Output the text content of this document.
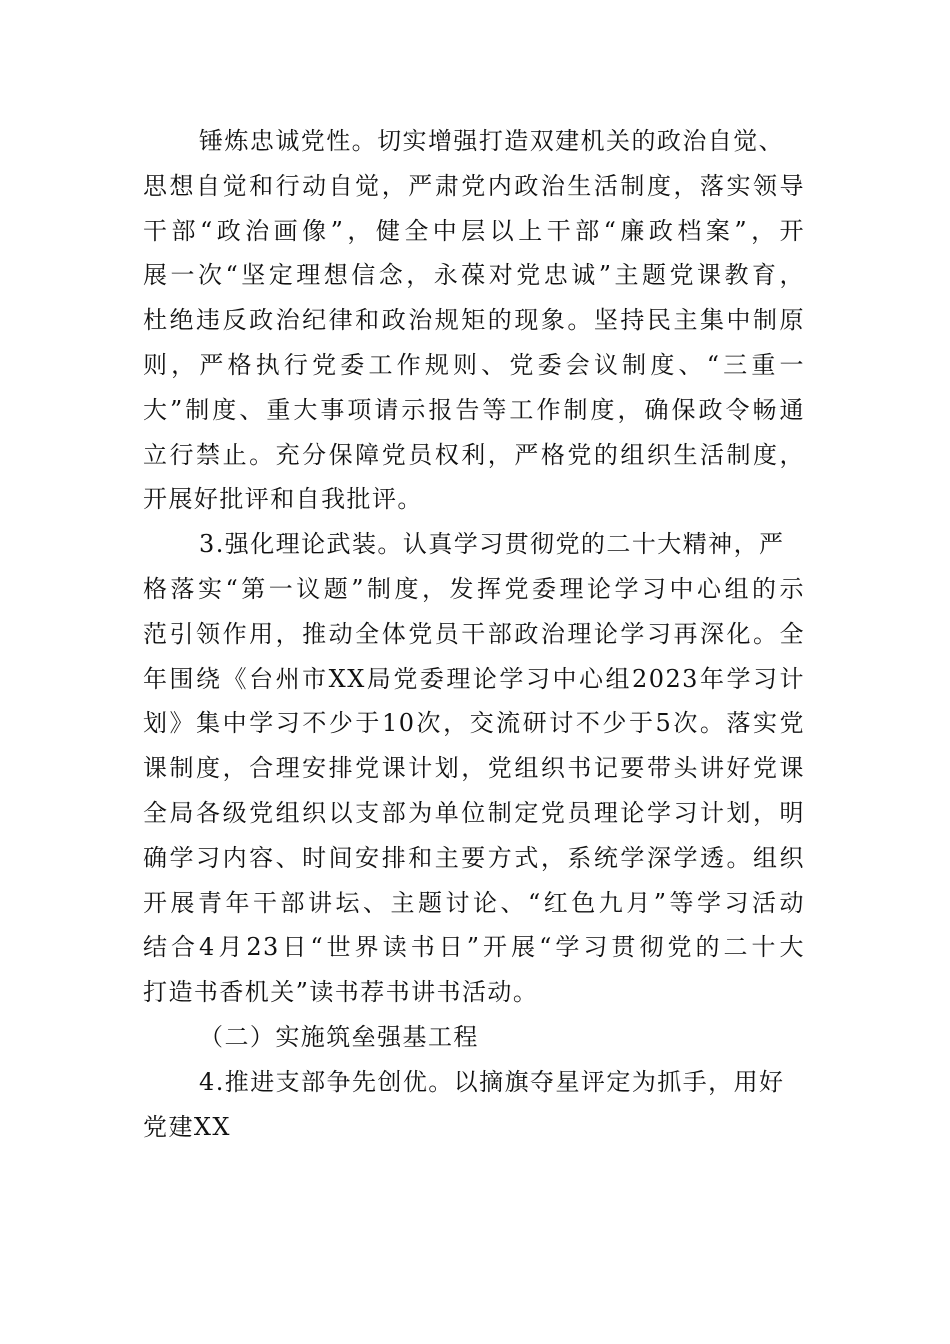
锤炼忠诚党性。切实增强打造双建机关的政治自觉、
思想自觉和行动自觉，严肃党内政治生活制度，落实领导
干部“政治画像”，健全中层以上干部“廉政档案”，开
展一次“坚定理想信念，永葆对党忠诚”主题党课教育，
杜绝违反政治纪律和政治规矩的现象。坚持民主集中制原
则，严格执行党委工作规则、党委会议制度、“三重一
大”制度、重大事项请示报告等工作制度，确保政令畅通
立行禁止。充分保障党员权利，严格党的组织生活制度，
开展好批评和自我批评。
3.强化理论武装。认真学习贯彻党的二十大精神，严
格落实“第一议题”制度，发挥党委理论学习中心组的示
范引领作用，推动全体党员干部政治理论学习再深化。全
年围绕《台州市XX局党委理论学习中心组2023年学习计
划》集中学习不少于10次，交流研讨不少于5次。落实党
课制度，合理安排党课计划，党组织书记要带头讲好党课
全局各级党组织以支部为单位制定党员理论学习计划，明
确学习内容、时间安排和主要方式，系统学深学透。组织
开展青年干部讲坛、主题讨论、“红色九月”等学习活动
结合4月23日“世界读书日”开展“学习贯彻党的二十大
打造书香机关”读书荐书讲书活动。
（二）实施筑垒强基工程
4.推进支部争先创优。以摘旗夺星评定为抓手，用好
党建XX
